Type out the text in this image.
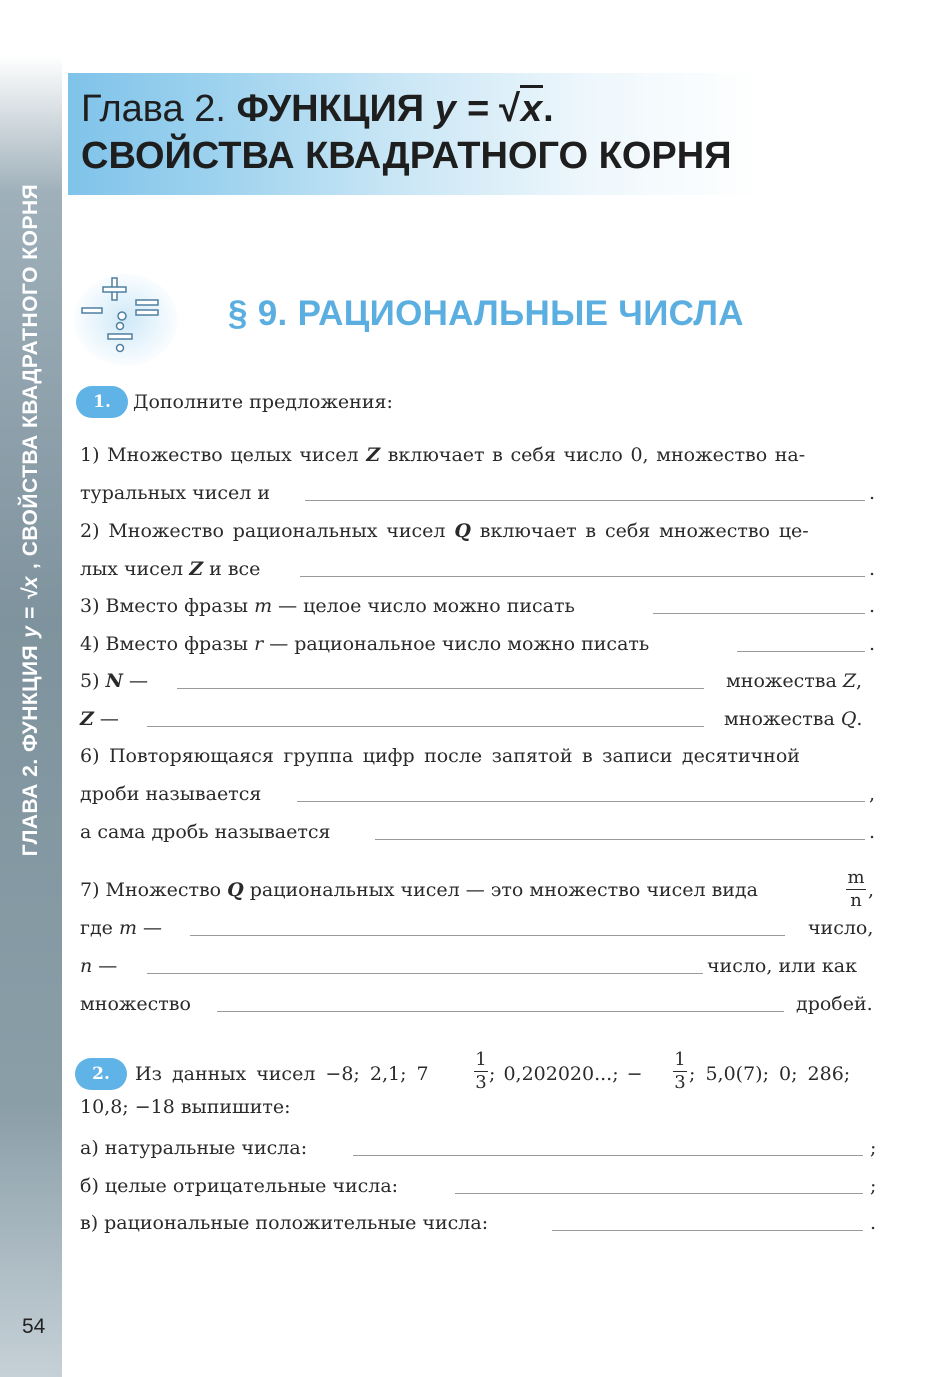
ГЛАВА 2. ФУНКЦИЯ
y = √x
, СВОЙСТВА КВАДРАТНОГО КОРНЯ
54
Глава 2. ФУНКЦИЯ y = √x.
СВОЙСТВА КВАДРАТНОГО КОРНЯ
§ 9. РАЦИОНАЛЬНЫЕ ЧИСЛА
1.	Дополните предложения:
1) Множество целых чисел Z включает в себя число 0, множество на-
туральных чисел и	.
2) Множество рациональных чисел Q включает в себя множество це-
лых чисел Z и все	.
3) Вместо фразы m — целое число можно писать	.
4) Вместо фразы r — рациональное число можно писать	.
5) N —	множества Z,
Z —	множества Q.
6) Повторяющаяся группа цифр после запятой в записи десятичной
дроби называется	,
а сама дробь называется	.
7) Множество Q рациональных чисел — это множество чисел вида
m
n ,
где m —	число,
n —	число, или как
множество	дробей.
2.	Из данных чисел −8; 2,1; 7
1
3 ; 0,202020...; −
1
3 ; 5,0(7); 0; 286;
10,8; −18 выпишите:
а) натуральные числа:	;
б) целые отрицательные числа:	;
в) рациональные положительные числа:	.
